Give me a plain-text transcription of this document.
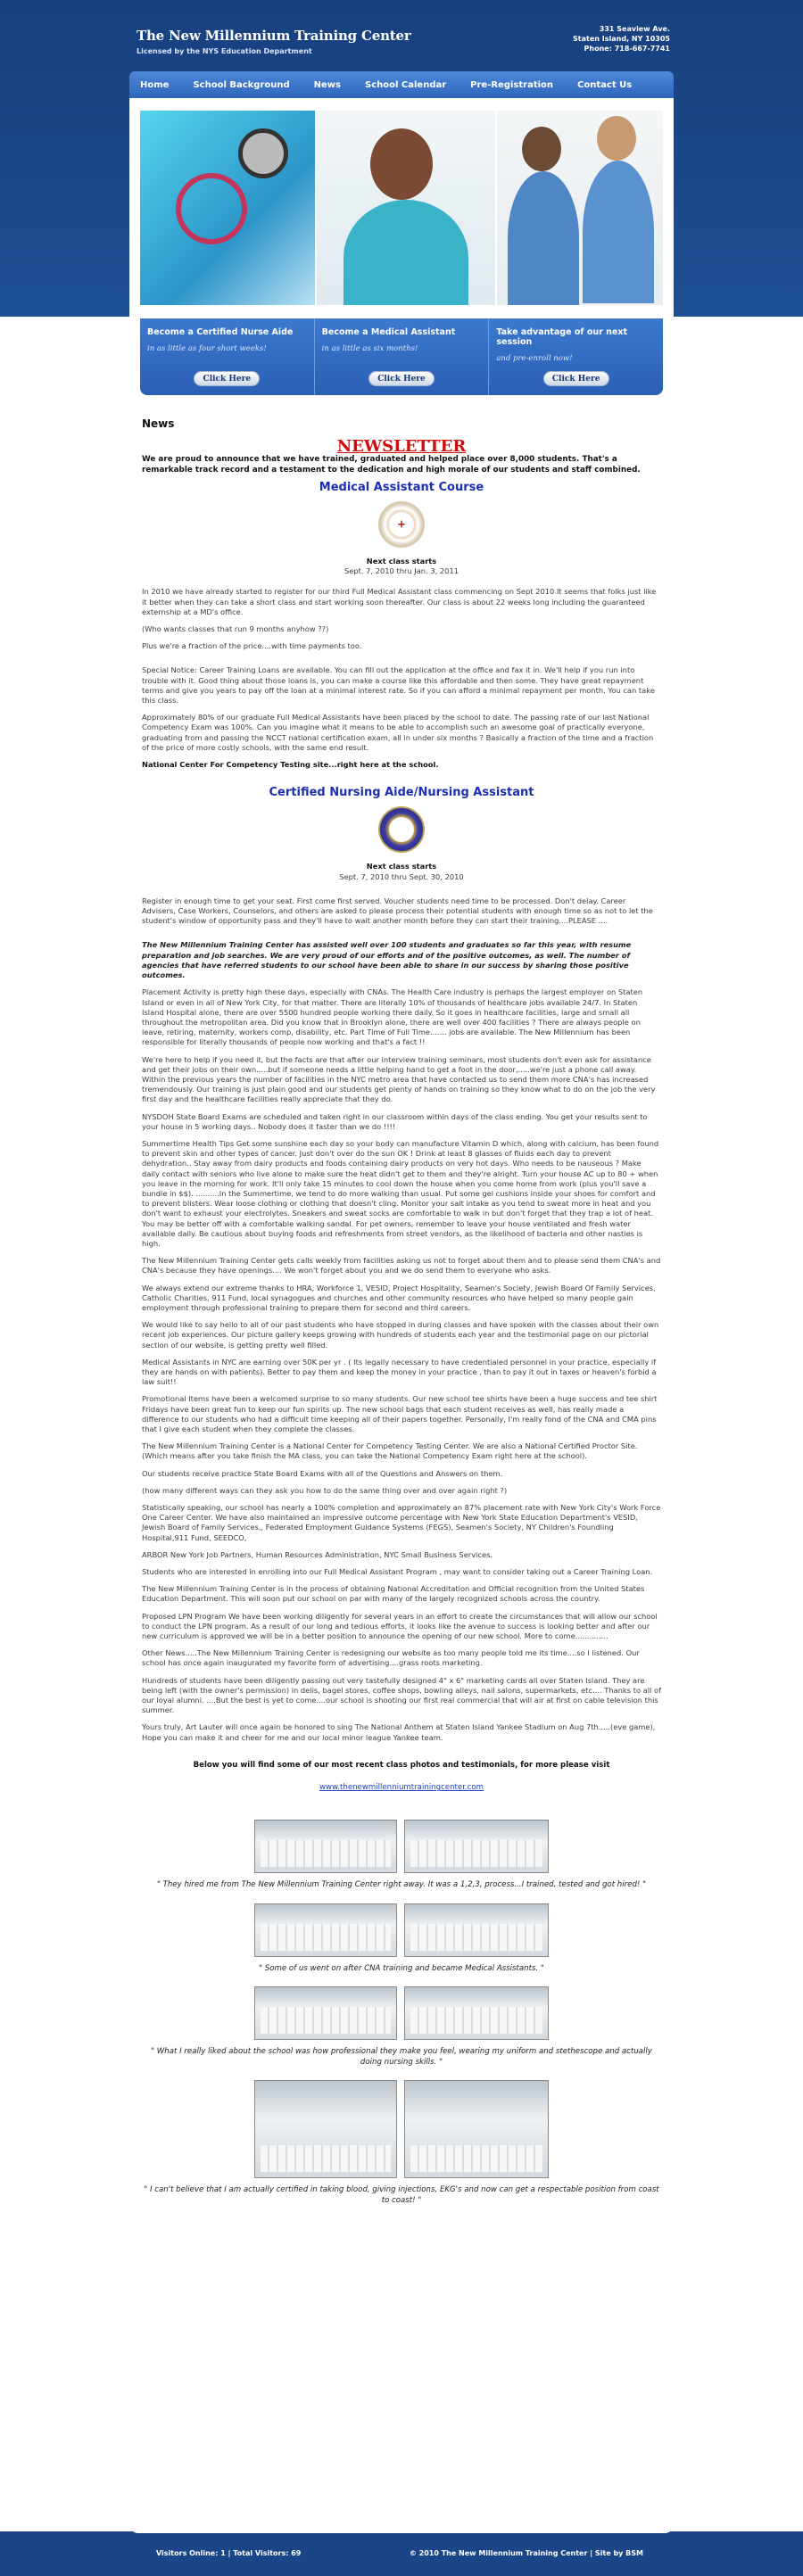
The New Millennium Training Center
Licensed by the NYS Education Department
331 Seaview Ave.
Staten Island, NY 10305
Phone: 718-667-7741
Home	School Background	News	School Calendar	Pre-Registration	Contact Us
Become a Certified Nurse Aide
in as little as four short weeks!
Click Here
Become a Medical Assistant
in as little as six months!
Click Here
Take advantage of our next session
and pre-enroll now!
Click Here
News
NEWSLETTER

We are proud to announce that we have trained, graduated and helped place over 8,000 students. That's a remarkable track record and a testament to the dedication and high morale of our students and staff combined.

Medical Assistant Course
+
Next class starts
Sept. 7, 2010 thru Jan. 3, 2011

In 2010 we have already started to register for our third Full Medical Assistant class commencing on Sept 2010 It seems that folks just like it better when they can take a short class and start working soon thereafter. Our class is about 22 weeks long including the guaranteed externship at a MD's office.

(Who wants classes that run 9 months anyhow ??)

Plus we're a fraction of the price....with time payments too.

Special Notice: Career Training Loans are available. You can fill out the application at the office and fax it in. We'll help if you run into trouble with it. Good thing about those loans is, you can make a course like this affordable and then some. They have great repayment terms and give you years to pay off the loan at a minimal interest rate. So if you can afford a minimal repayment per month. You can take this class.

Approximately 80% of our graduate Full Medical Assistants have been placed by the school to date. The passing rate of our last National Competency Exam was 100%. Can you imagine what it means to be able to accomplish such an awesome goal of practically everyone, graduating from and passing the NCCT national certification exam, all in under six months ? Basically a fraction of the time and a fraction of the price of more costly schools, with the same end result.

National Center For Competency Testing site...right here at the school.

Certified Nursing Aide/Nursing Assistant
✚
Next class starts
Sept. 7, 2010 thru Sept. 30, 2010

Register in enough time to get your seat. First come first served. Voucher students need time to be processed. Don't delay. Career Advisers, Case Workers, Counselors, and others are asked to please process their potential students with enough time so as not to let the student's window of opportunity pass and they'll have to wait another month before they can start their training....PLEASE ....

The New Millennium Training Center has assisted well over 100 students and graduates so far this year, with resume preparation and job searches. We are very proud of our efforts and of the positive outcomes, as well. The number of agencies that have referred students to our school have been able to share in our success by sharing those positive outcomes.

Placement Activity is pretty high these days, especially with CNAs. The Health Care industry is perhaps the largest employer on Staten Island or even in all of New York City, for that matter. There are literally 10% of thousands of healthcare jobs available 24/7. In Staten Island Hospital alone, there are over 5500 hundred people working there daily. So it goes in healthcare facilities, large and small all throughout the metropolitan area. Did you know that in Brooklyn alone, there are well over 400 facilities ? There are always people on leave, retiring, maternity, workers comp, disability, etc. Part Time of Full Time....... jobs are available. The New Millennium has been responsible for literally thousands of people now working and that's a fact !!

We're here to help if you need it, but the facts are that after our interview training seminars, most students don't even ask for assistance and get their jobs on their own.....but if someone needs a little helping hand to get a foot in the door,.....we're just a phone call away. Within the previous years the number of facilities in the NYC metro area that have contacted us to send them more CNA's has increased tremendously. Our training is just plain good and our students get plenty of hands on training so they know what to do on the job the very first day and the healthcare facilities really appreciate that they do.

NYSDOH State Board Exams are scheduled and taken right in our classroom within days of the class ending. You get your results sent to your house in 5 working days.. Nobody does it faster than we do !!!!

Summertime Health Tips Get some sunshine each day so your body can manufacture Vitamin D which, along with calcium, has been found to prevent skin and other types of cancer. Just don't over do the sun OK ! Drink at least 8 glasses of fluids each day to prevent dehydration.. Stay away from dairy products and foods containing dairy products on very hot days. Who needs to be nauseous ? Make daily contact with seniors who live alone to make sure the heat didn't get to them and they're alright. Turn your house AC up to 80 + when you leave in the morning for work. It'll only take 15 minutes to cool down the house when you come home from work (plus you'll save a bundle in $$). ..........In the Summertime, we tend to do more walking than usual. Put some gel cushions inside your shoes for comfort and to prevent blisters. Wear loose clothing or clothing that doesn't cling. Monitor your salt intake as you tend to sweat more in heat and you don't want to exhaust your electrolytes. Sneakers and sweat socks are comfortable to walk in but don't forget that they trap a lot of heat. You may be better off with a comfortable walking sandal. For pet owners, remember to leave your house ventilated and fresh water available daily. Be cautious about buying foods and refreshments from street vendors, as the likelihood of bacteria and other nasties is high.

The New Millennium Training Center gets calls weekly from facilities asking us not to forget about them and to please send them CNA's and CNA's because they have openings.... We won't forget about you and we do send them to everyone who asks.

We always extend our extreme thanks to HRA, Workforce 1, VESID, Project Hospitality, Seamen's Society, Jewish Board Of Family Services, Catholic Charities, 911 Fund, local synagogues and churches and other community resources who have helped so many people gain employment through professional training to prepare them for second and third careers.

We would like to say hello to all of our past students who have stopped in during classes and have spoken with the classes about their own recent job experiences. Our picture gallery keeps growing with hundreds of students each year and the testimonial page on our pictorial section of our website, is getting pretty well filled.

Medical Assistants in NYC are earning over 50K per yr . ( Its legally necessary to have credentialed personnel in your practice, especially if they are hands on with patients). Better to pay them and keep the money in your practice , than to pay it out in taxes or heaven's forbid a law suit!!

Promotional Items have been a welcomed surprise to so many students. Our new school tee shirts have been a huge success and tee shirt Fridays have been great fun to keep our fun spirits up. The new school bags that each student receives as well, has really made a difference to our students who had a difficult time keeping all of their papers together. Personally, I'm really fond of the CNA and CMA pins that I give each student when they complete the classes.

The New Millennium Training Center is a National Center for Competency Testing Center. We are also a National Certified Proctor Site. (Which means after you take finish the MA class, you can take the National Competency Exam right here at the school).

Our students receive practice State Board Exams with all of the Questions and Answers on them.

(how many different ways can they ask you how to do the same thing over and over again right ?)

Statistically speaking, our school has nearly a 100% completion and approximately an 87% placement rate with New York City's Work Force One Career Center. We have also maintained an impressive outcome percentage with New York State Education Department's VESID, Jewish Board of Family Services,, Federated Employment Guidance Systems (FEGS), Seamen's Society, NY Children's Foundling Hospital,911 Fund, SEEDCO,

ARBOR New York Job Partners, Human Resources Administration, NYC Small Business Services.

Students who are interested in enrolling into our Full Medical Assistant Program , may want to consider taking out a Career Training Loan.

The New Millennium Training Center is in the process of obtaining National Accreditation and Official recognition from the United States Education Department. This will soon put our school on par with many of the largely recognized schools across the country.

Proposed LPN Program We have been working diligently for several years in an effort to create the circumstances that will allow our school to conduct the LPN program. As a result of our long and tedious efforts, it looks like the avenue to success is looking better and after our new curriculum is approved we will be in a better position to announce the opening of our new school. More to come..............

Other News.....The New Millennium Training Center is redesigning our website as too many people told me its time....so I listened. Our school has once again inaugurated my favorite form of advertising....grass roots marketing.

Hundreds of students have been diligently passing out very tastefully designed 4" x 6" marketing cards all over Staten Island. They are being left (with the owner's permission) in delis, bagel stores, coffee shops, bowling alleys, nail salons, supermarkets, etc.... Thanks to all of our loyal alumni. ....But the best is yet to come....our school is shooting our first real commercial that will air at first on cable television this summer.

Yours truly, Art Lauter will once again be honored to sing The National Anthem at Staten Island Yankee Stadium on Aug 7th.....(eve game), Hope you can make it and cheer for me and our local minor league Yankee team.

Below you will find some of our most recent class photos and testimonials, for more please visit
www.thenewmillenniumtrainingcenter.com
" They hired me from The New Millennium Training Center right away. It was a 1,2,3, process...I trained, tested and got hired! "
" Some of us went on after CNA training and became Medical Assistants. "
" What I really liked about the school was how professional they make you feel, wearing my uniform and stethescope and actually doing nursing skills. "
" I can't believe that I am actually certified in taking blood, giving injections, EKG's and now can get a respectable position from coast to coast! "
Visitors Online: 1 | Total Visitors: 69	© 2010 The New Millennium Training Center | Site by BSM
